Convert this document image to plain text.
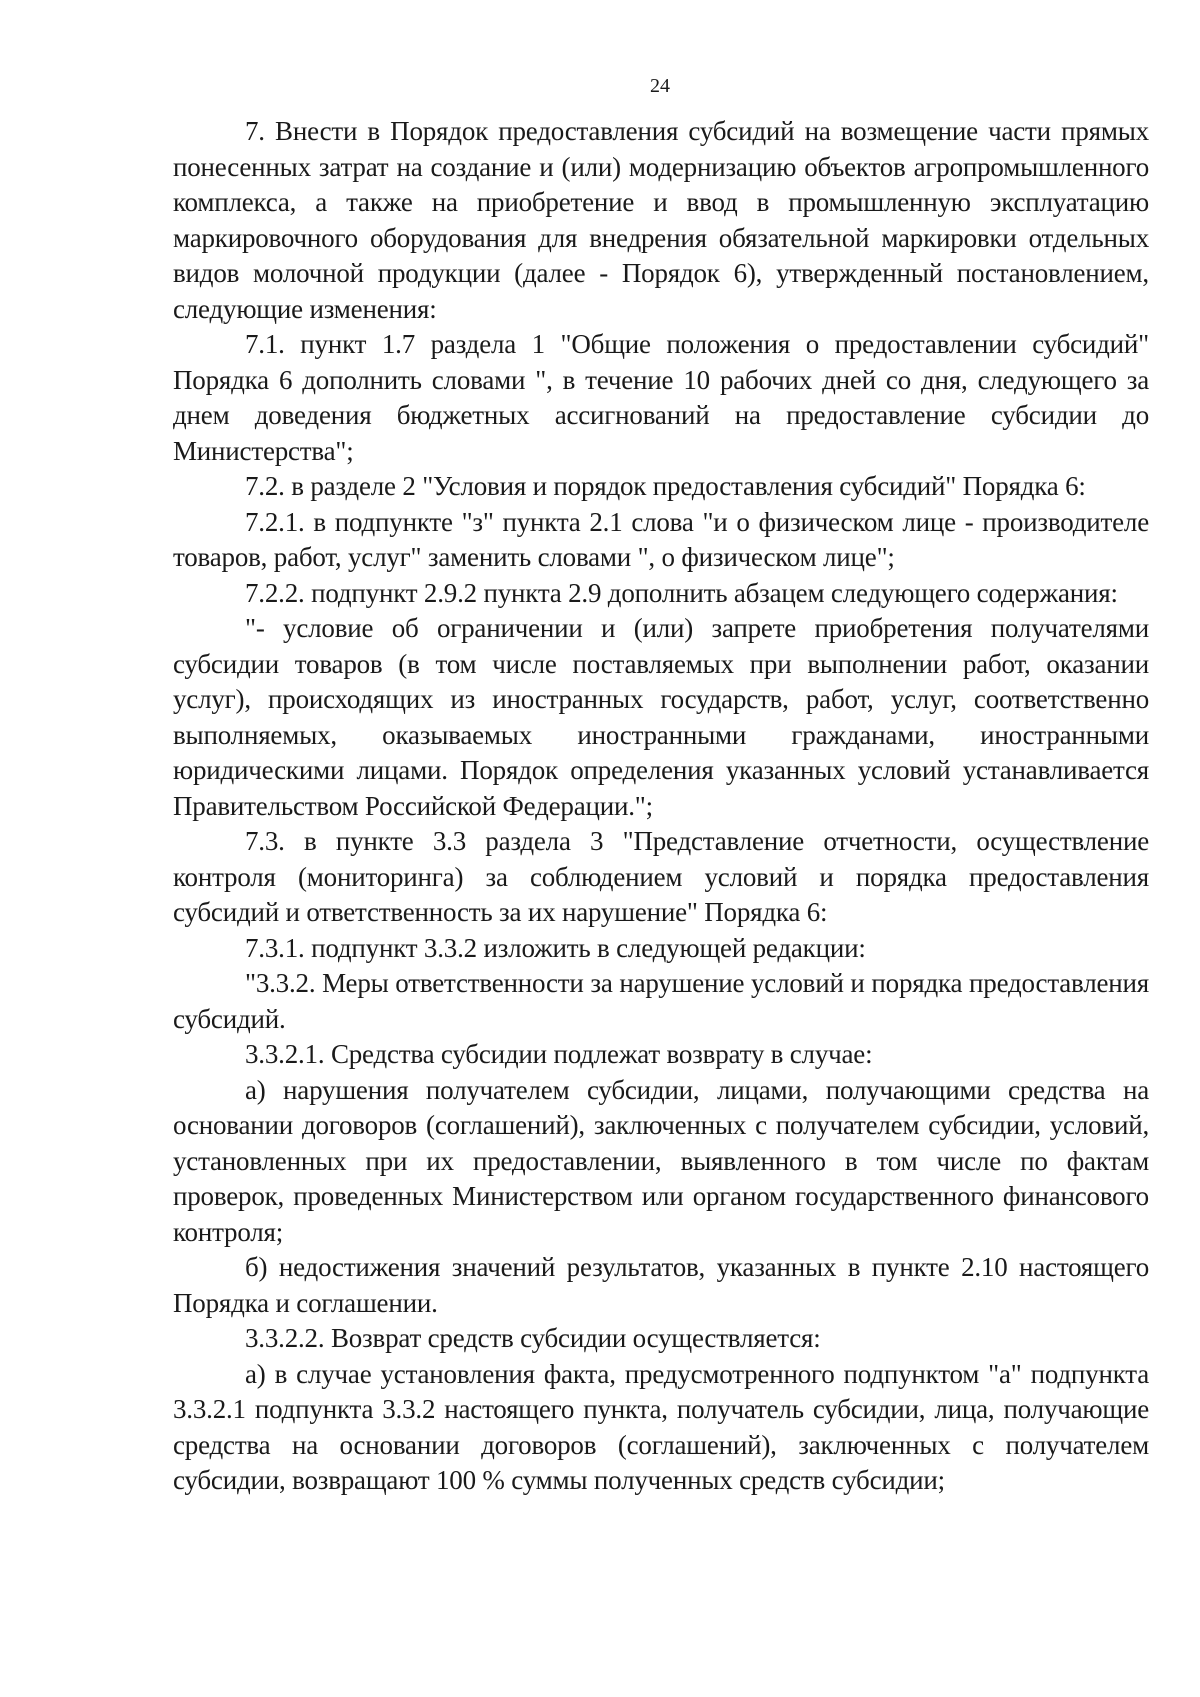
24

7. Внести в Порядок предоставления субсидий на возмещение части прямых понесенных затрат на создание и (или) модернизацию объектов агропромышленного комплекса, а также на приобретение и ввод в промышленную эксплуатацию маркировочного оборудования для внедрения обязательной маркировки отдельных видов молочной продукции (далее - Порядок 6), утвержденный постановлением, следующие изменения:

7.1. пункт 1.7 раздела 1 "Общие положения о предоставлении субсидий" Порядка 6 дополнить словами ", в течение 10 рабочих дней со дня, следующего за днем доведения бюджетных ассигнований на предоставление субсидии до Министерства";

7.2. в разделе 2 "Условия и порядок предоставления субсидий" Порядка 6:

7.2.1. в подпункте "з" пункта 2.1 слова "и о физическом лице - производителе товаров, работ, услуг" заменить словами ", о физическом лице";

7.2.2. подпункт 2.9.2 пункта 2.9 дополнить абзацем следующего содержания:

"- условие об ограничении и (или) запрете приобретения получателями субсидии товаров (в том числе поставляемых при выполнении работ, оказании услуг), происходящих из иностранных государств, работ, услуг, соответственно выполняемых, оказываемых иностранными гражданами, иностранными юридическими лицами. Порядок определения указанных условий устанавливается Правительством Российской Федерации.";

7.3. в пункте 3.3 раздела 3 "Представление отчетности, осуществление контроля (мониторинга) за соблюдением условий и порядка предоставления субсидий и ответственность за их нарушение" Порядка 6:

7.3.1. подпункт 3.3.2 изложить в следующей редакции:

"3.3.2. Меры ответственности за нарушение условий и порядка предоставления субсидий.

3.3.2.1. Средства субсидии подлежат возврату в случае:

а) нарушения получателем субсидии, лицами, получающими средства на основании договоров (соглашений), заключенных с получателем субсидии, условий, установленных при их предоставлении, выявленного в том числе по фактам проверок, проведенных Министерством или органом государственного финансового контроля;

б) недостижения значений результатов, указанных в пункте 2.10 настоящего Порядка и соглашении.

3.3.2.2. Возврат средств субсидии осуществляется:

а) в случае установления факта, предусмотренного подпунктом "а" подпункта 3.3.2.1 подпункта 3.3.2 настоящего пункта, получатель субсидии, лица, получающие средства на основании договоров (соглашений), заключенных с получателем субсидии, возвращают 100 % суммы полученных средств субсидии;
